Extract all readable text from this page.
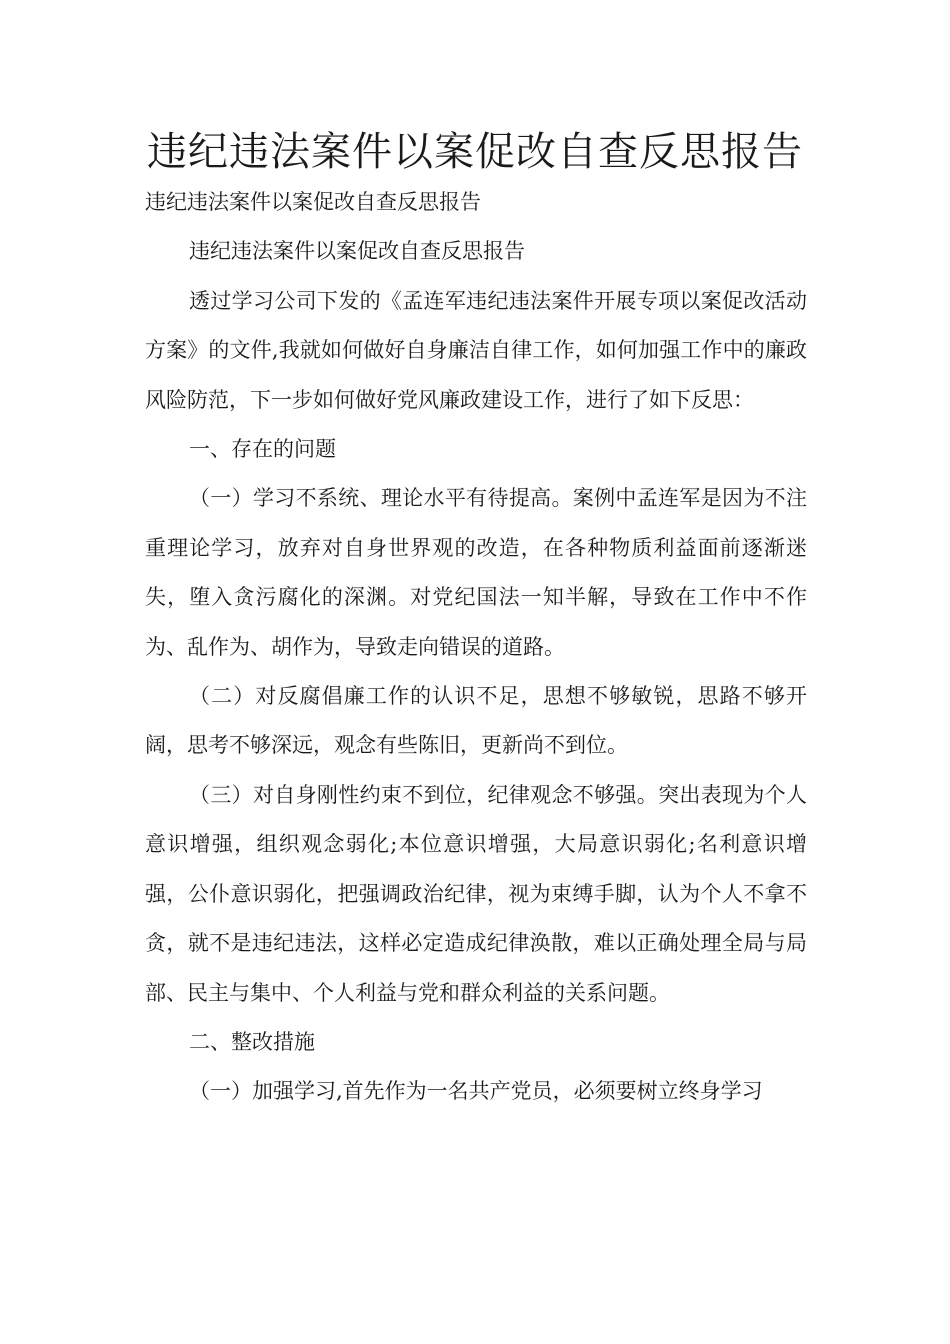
违纪违法案件以案促改自查反思报告

违纪违法案件以案促改自查反思报告

违纪违法案件以案促改自查反思报告

透过学习公司下发的《孟连军违纪违法案件开展专项以案促改活动方案》的文件,我就如何做好自身廉洁自律工作，如何加强工作中的廉政风险防范，下一步如何做好党风廉政建设工作，进行了如下反思：

一、存在的问题

（一）学习不系统、理论水平有待提高。案例中孟连军是因为不注重理论学习，放弃对自身世界观的改造，在各种物质利益面前逐渐迷失，堕入贪污腐化的深渊。对党纪国法一知半解，导致在工作中不作为、乱作为、胡作为，导致走向错误的道路。

（二）对反腐倡廉工作的认识不足，思想不够敏锐，思路不够开阔，思考不够深远，观念有些陈旧，更新尚不到位。

（三）对自身刚性约束不到位，纪律观念不够强。突出表现为个人意识增强，组织观念弱化;本位意识增强，大局意识弱化;名利意识增强，公仆意识弱化，把强调政治纪律，视为束缚手脚，认为个人不拿不贪，就不是违纪违法，这样必定造成纪律涣散，难以正确处理全局与局部、民主与集中、个人利益与党和群众利益的关系问题。

二、整改措施

（一）加强学习,首先作为一名共产党员，必须要树立终身学习
